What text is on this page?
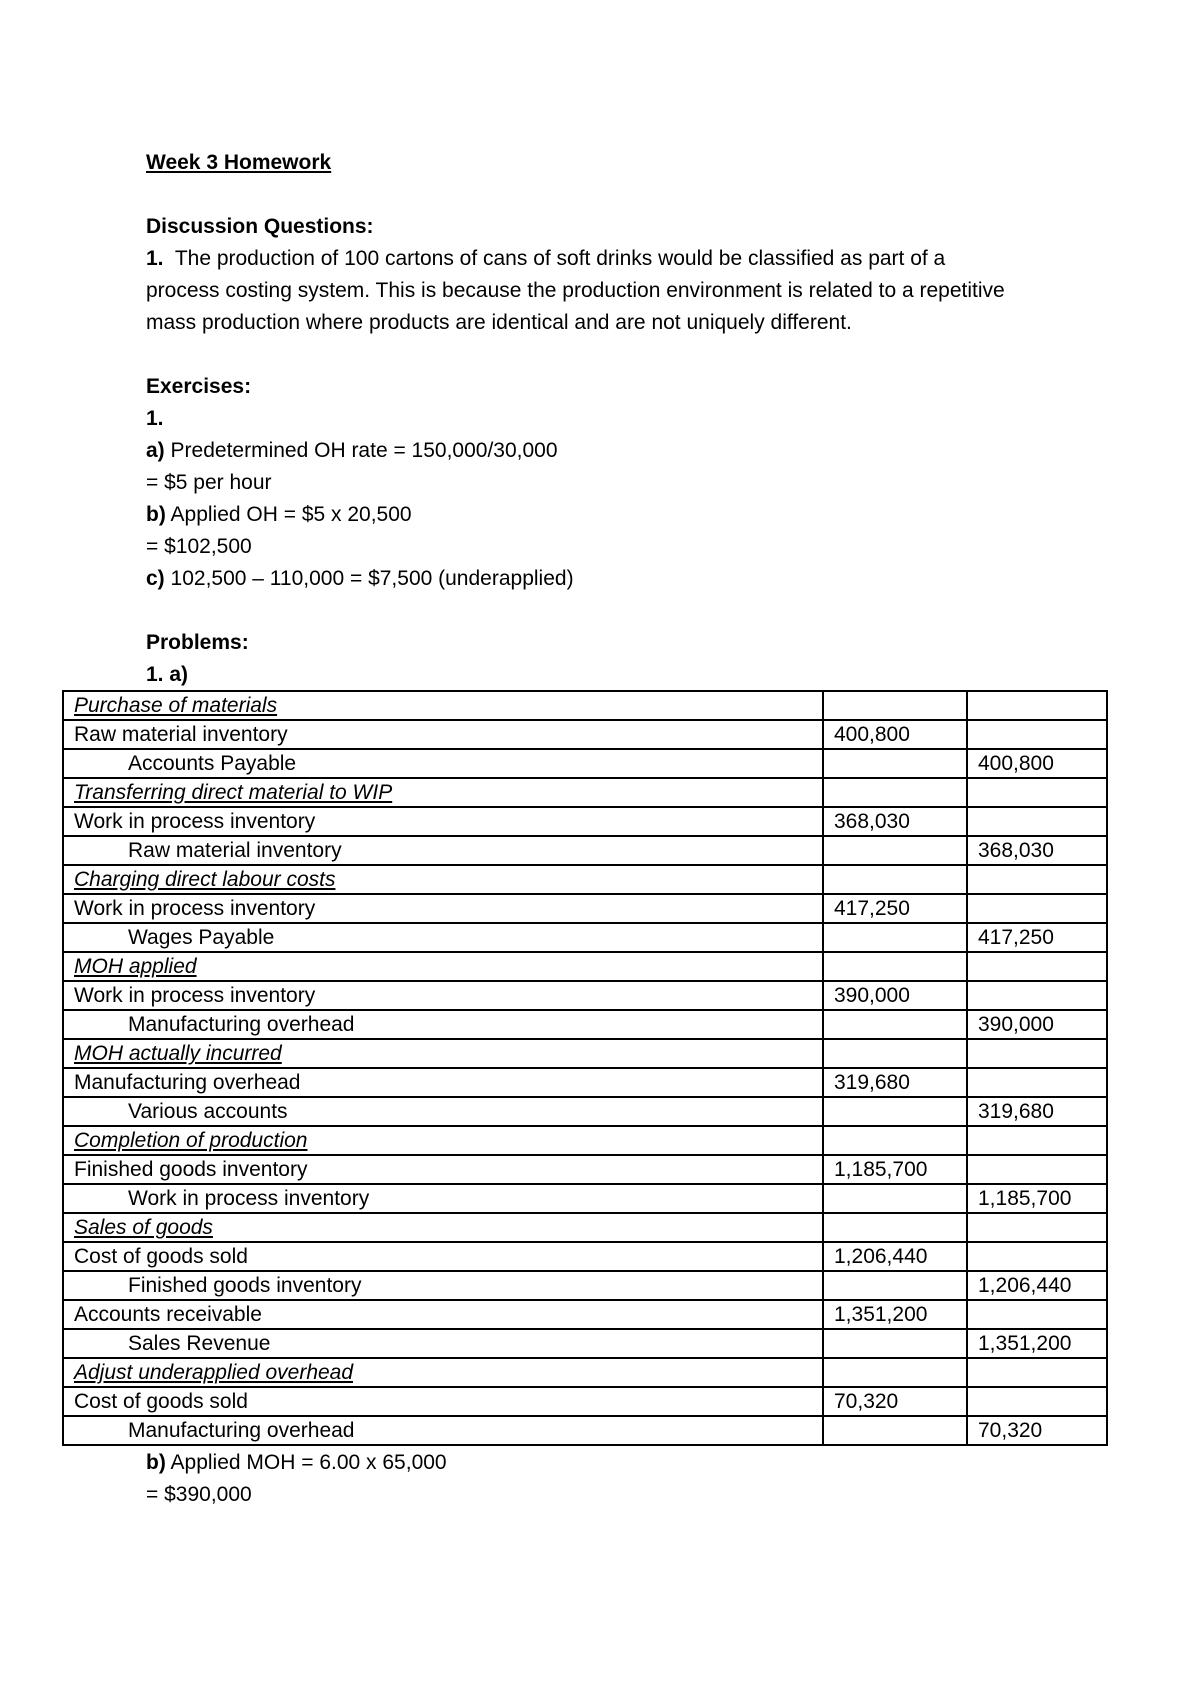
Week 3 Homework
Discussion Questions:
1. The production of 100 cartons of cans of soft drinks would be classified as part of a
process costing system. This is because the production environment is related to a repetitive
mass production where products are identical and are not uniquely different.
Exercises:
1.
a) Predetermined OH rate = 150,000/30,000
= $5 per hour
b) Applied OH = $5 x 20,500
= $102,500
c) 102,500 – 110,000 = $7,500 (underapplied)
Problems:
1. a)
Purchase of materials		
Raw material inventory	400,800	
Accounts Payable		400,800
Transferring direct material to WIP		
Work in process inventory	368,030	
Raw material inventory		368,030
Charging direct labour costs		
Work in process inventory	417,250	
Wages Payable		417,250
MOH applied		
Work in process inventory	390,000	
Manufacturing overhead		390,000
MOH actually incurred		
Manufacturing overhead	319,680	
Various accounts		319,680
Completion of production		
Finished goods inventory	1,185,700	
Work in process inventory		1,185,700
Sales of goods		
Cost of goods sold	1,206,440	
Finished goods inventory		1,206,440
Accounts receivable	1,351,200	
Sales Revenue		1,351,200
Adjust underapplied overhead		
Cost of goods sold	70,320	
Manufacturing overhead		70,320
b) Applied MOH = 6.00 x 65,000
= $390,000
